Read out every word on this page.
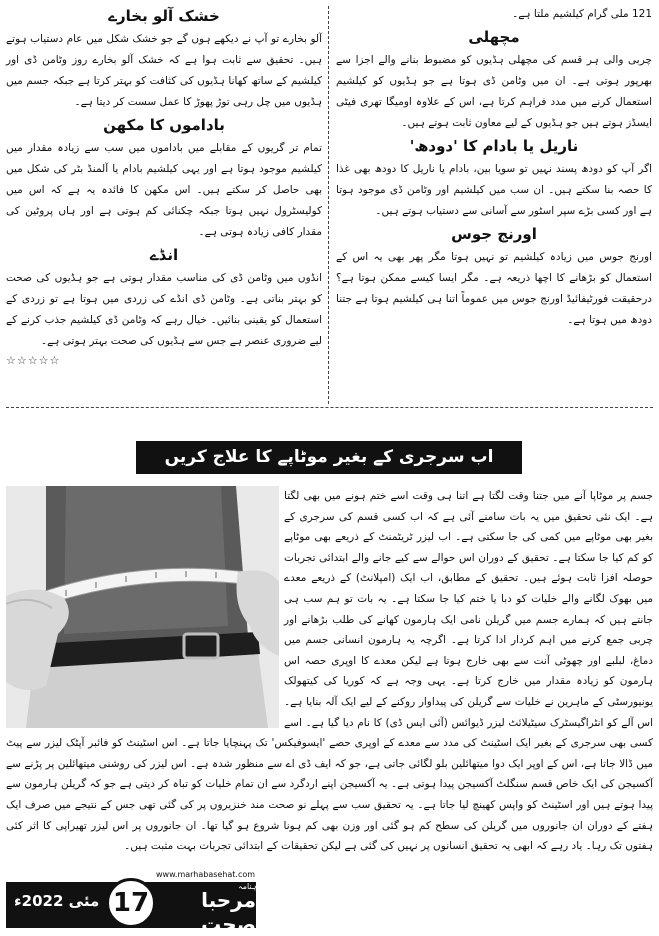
121 ملی گرام کیلشیم ملتا ہے۔

مچھلی

چربی والی ہر قسم کی مچھلی ہڈیوں کو مضبوط بنانے والے اجزا سے بھرپور ہوتی ہے۔ ان میں وٹامن ڈی ہوتا ہے جو ہڈیوں کو کیلشیم استعمال کرنے میں مدد فراہم کرتا ہے، اس کے علاوہ اومیگا تھری فیٹی ایسڈز ہوتے ہیں جو ہڈیوں کے لیے معاون ثابت ہوتے ہیں۔

ناریل یا بادام کا 'دودھ'

اگر آپ کو دودھ پسند نہیں تو سویا بین، بادام یا ناریل کا دودھ بھی غذا کا حصہ بنا سکتے ہیں۔ ان سب میں کیلشیم اور وٹامن ڈی موجود ہوتا ہے اور کسی بڑے سپر اسٹور سے آسانی سے دستیاب ہوتے ہیں۔

اورنج جوس

اورنج جوس میں زیادہ کیلشیم تو نہیں ہوتا مگر پھر بھی یہ اس کے استعمال کو بڑھانے کا اچھا ذریعہ ہے۔ مگر ایسا کیسے ممکن ہوتا ہے؟ درحقیقت فورٹیفائیڈ اورنج جوس میں عموماً اتنا ہی کیلشیم ہوتا ہے جتنا دودھ میں ہوتا ہے۔

خشک آلو بخارے

آلو بخارے تو آپ نے دیکھے ہوں گے جو خشک شکل میں عام دستیاب ہوتے ہیں۔ تحقیق سے ثابت ہوا ہے کہ خشک آلو بخارے روز وٹامن ڈی اور کیلشیم کے ساتھ کھانا ہڈیوں کی کثافت کو بہتر کرتا ہے جبکہ جسم میں ہڈیوں میں چل رہی توڑ پھوڑ کا عمل سست کر دیتا ہے۔

باداموں کا مکھن

تمام تر گریوں کے مقابلے میں باداموں میں سب سے زیادہ مقدار میں کیلشیم موجود ہوتا ہے اور یہی کیلشیم بادام یا آلمنڈ بٹر کی شکل میں بھی حاصل کر سکتے ہیں۔ اس مکھن کا فائدہ یہ ہے کہ اس میں کولیسٹرول نہیں ہوتا جبکہ چکنائی کم ہوتی ہے اور ہاں پروٹین کی مقدار کافی زیادہ ہوتی ہے۔

انڈے

انڈوں میں وٹامن ڈی کی مناسب مقدار ہوتی ہے جو ہڈیوں کی صحت کو بہتر بناتی ہے۔ وٹامن ڈی انڈے کی زردی میں ہوتا ہے تو زردی کے استعمال کو یقینی بنائیں۔ خیال رہے کہ وٹامن ڈی کیلشیم جذب کرنے کے لیے ضروری عنصر ہے جس سے ہڈیوں کی صحت بہتر ہوتی ہے۔

☆☆☆☆☆
اب سرجری کے بغیر موٹاپے کا علاج کریں

جسم پر موٹاپا آنے میں جتنا وقت لگتا ہے اتنا ہی وقت اسے ختم ہونے میں بھی لگتا ہے۔ ایک نئی تحقیق میں یہ بات سامنے آئی ہے کہ اب کسی قسم کی سرجری کے بغیر بھی موٹاپے میں کمی کی جا سکتی ہے۔ اب لیزر ٹریٹمنٹ کے ذریعے بھی موٹاپے کو کم کیا جا سکتا ہے۔ تحقیق کے دوران اس حوالے سے کیے جانے والے ابتدائی تجربات حوصلہ افزا ثابت ہوئے ہیں۔ تحقیق کے مطابق، اب ایک (امپلانٹ) کے ذریعے معدے میں بھوک لگانے والے خلیات کو دبا یا ختم کیا جا سکتا ہے۔ یہ بات تو ہم سب ہی جانتے ہیں کہ ہمارے جسم میں گریلن نامی ایک ہارمون کھانے کی طلب بڑھانے اور چربی جمع کرنے میں اہم کردار ادا کرتا ہے۔ اگرچہ یہ ہارمون انسانی جسم میں دماغ، لبلبے اور چھوٹی آنت سے بھی خارج ہوتا ہے لیکن معدے کا اوپری حصہ اس ہارمون کو زیادہ مقدار میں خارج کرتا ہے۔ یہی وجہ ہے کہ کوریا کی کیتھولک یونیورسٹی کے ماہرین نے خلیات سے گریلن کی پیداوار روکنے کے لیے ایک آلہ بنایا ہے۔ اس آلے کو انٹراگیسٹرک سیٹیلائٹ لیزر ڈیوائس (آئی ایس ڈی) کا نام دیا گیا ہے۔ اسے کسی بھی سرجری کے بغیر ایک اسٹینٹ کی مدد سے معدے کے اوپری حصے 'ایسوفیکس' تک پہنچایا جاتا ہے۔ اس اسٹینٹ کو فائبر آپٹک لیزر سے پیٹ میں ڈالا جاتا ہے، اس کے اوپر ایک دوا میتھائلین بلو لگائی جاتی ہے، جو کہ ایف ڈی اے سے منظور شدہ ہے۔ اس لیزر کی روشنی میتھائلین پر پڑنے سے آکسیجن کی ایک خاص قسم سنگلٹ آکسیجن پیدا ہوتی ہے۔ یہ آکسیجن اپنے اردگرد سے ان تمام خلیات کو تباہ کر دیتی ہے جو کہ گریلن ہارمون سے پیدا ہوتے ہیں اور اسٹینٹ کو واپس کھینچ لیا جاتا ہے۔ یہ تحقیق سب سے پہلے نو صحت مند خنزیروں پر کی گئی تھی جس کے نتیجے میں صرف ایک ہفتے کے دوران ان جانوروں میں گریلن کی سطح کم ہو گئی اور وزن بھی کم ہونا شروع ہو گیا تھا۔ ان جانوروں پر اس لیزر تھیراپی کا اثر کئی ہفتوں تک رہا۔ یاد رہے کہ ابھی یہ تحقیق انسانوں پر نہیں کی گئی ہے لیکن تحقیقات کے ابتدائی تجربات بہت مثبت ہیں۔

مئی 2022ء	مرحبا صحت
ماہنامہ
www.marhabasehat.com
17
